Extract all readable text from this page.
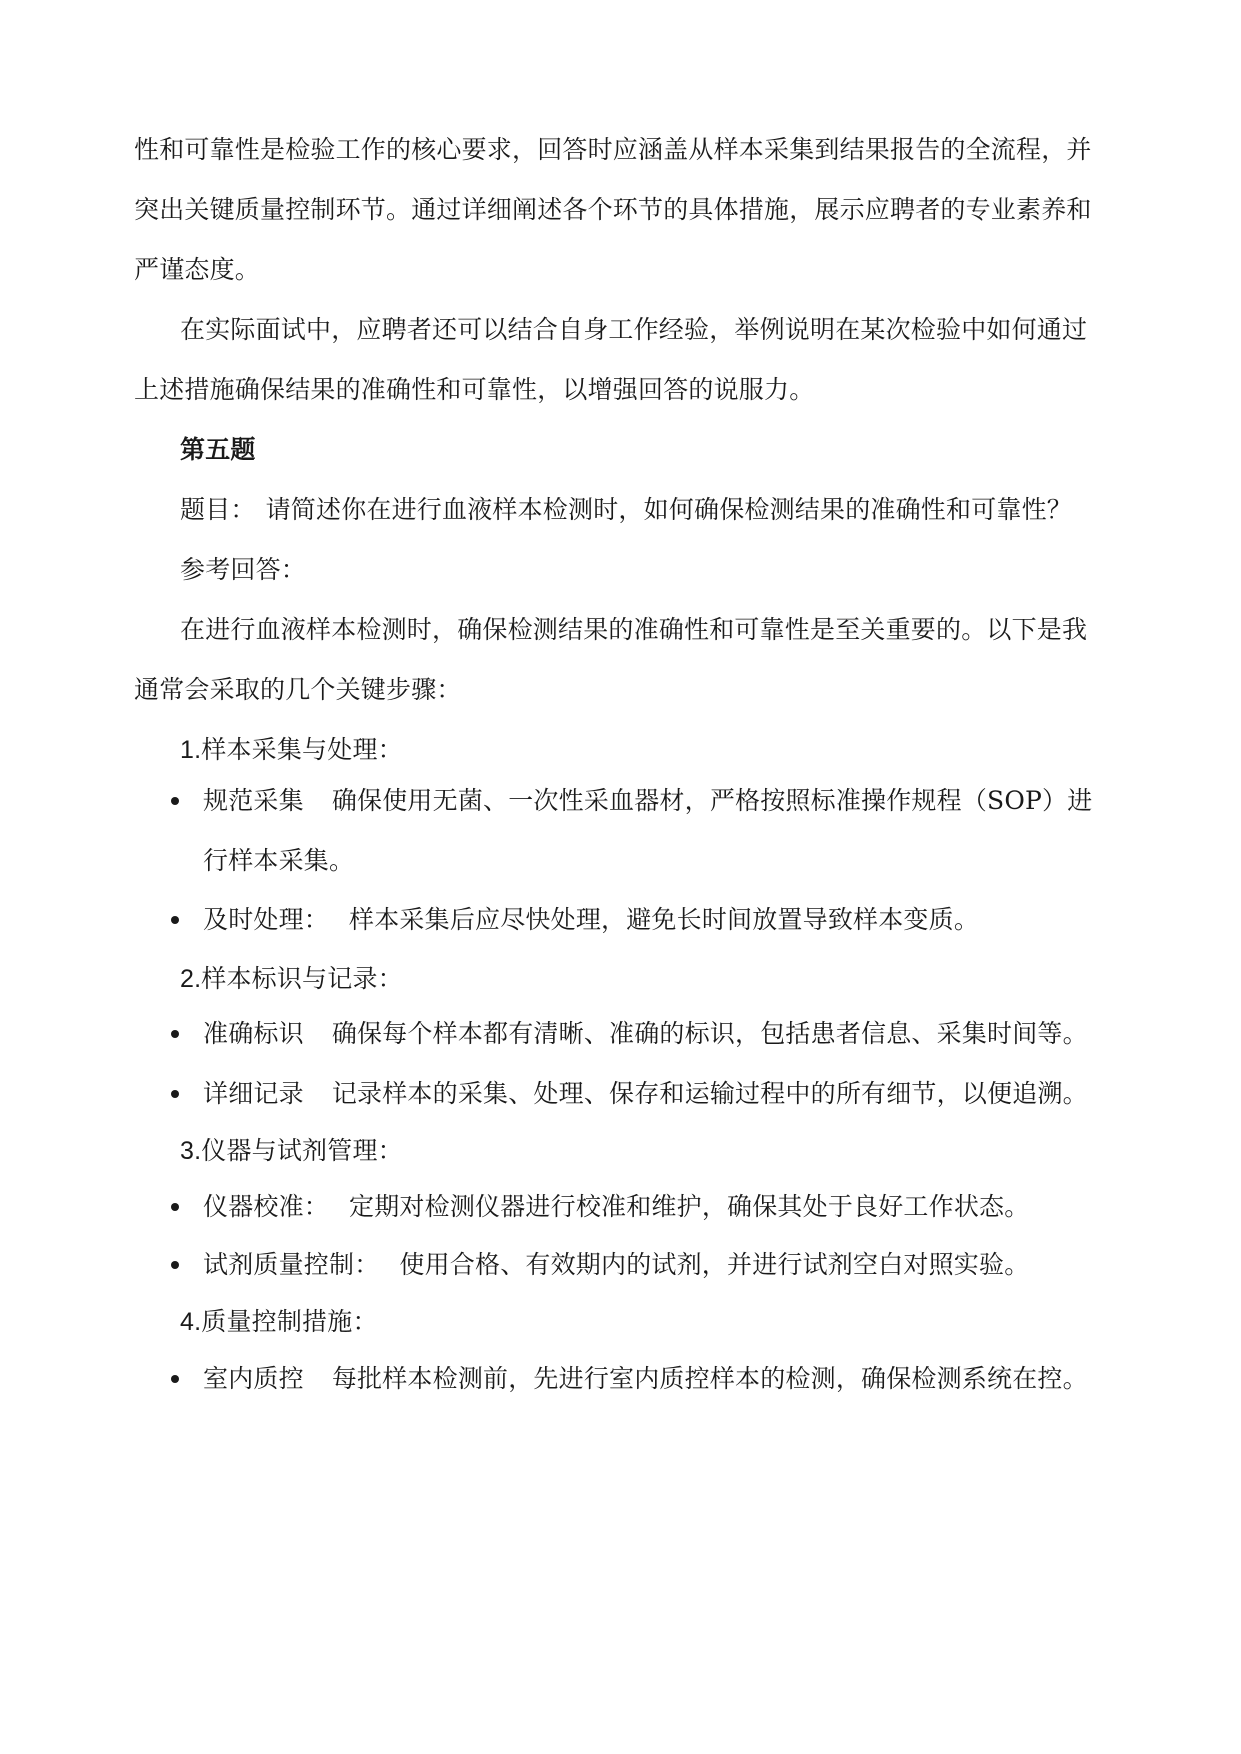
性和可靠性是检验工作的核心要求，回答时应涵盖从样本采集到结果报告的全流程，并
突出关键质量控制环节。通过详细阐述各个环节的具体措施，展示应聘者的专业素养和
严谨态度。
在实际面试中，应聘者还可以结合自身工作经验，举例说明在某次检验中如何通过
上述措施确保结果的准确性和可靠性，以增强回答的说服力。
第五题
题目： 请简述你在进行血液样本检测时，如何确保检测结果的准确性和可靠性？
参考回答：
在进行血液样本检测时，确保检测结果的准确性和可靠性是至关重要的。以下是我
通常会采取的几个关键步骤：
1.样本采集与处理：
规范采集 确保使用无菌、一次性采血器材，严格按照标准操作规程（SOP）进
行样本采集。
及时处理： 样本采集后应尽快处理，避免长时间放置导致样本变质。
2.样本标识与记录：
准确标识 确保每个样本都有清晰、准确的标识，包括患者信息、采集时间等。
详细记录 记录样本的采集、处理、保存和运输过程中的所有细节，以便追溯。
3.仪器与试剂管理：
仪器校准： 定期对检测仪器进行校准和维护，确保其处于良好工作状态。
试剂质量控制： 使用合格、有效期内的试剂，并进行试剂空白对照实验。
4.质量控制措施：
室内质控 每批样本检测前，先进行室内质控样本的检测，确保检测系统在控。
